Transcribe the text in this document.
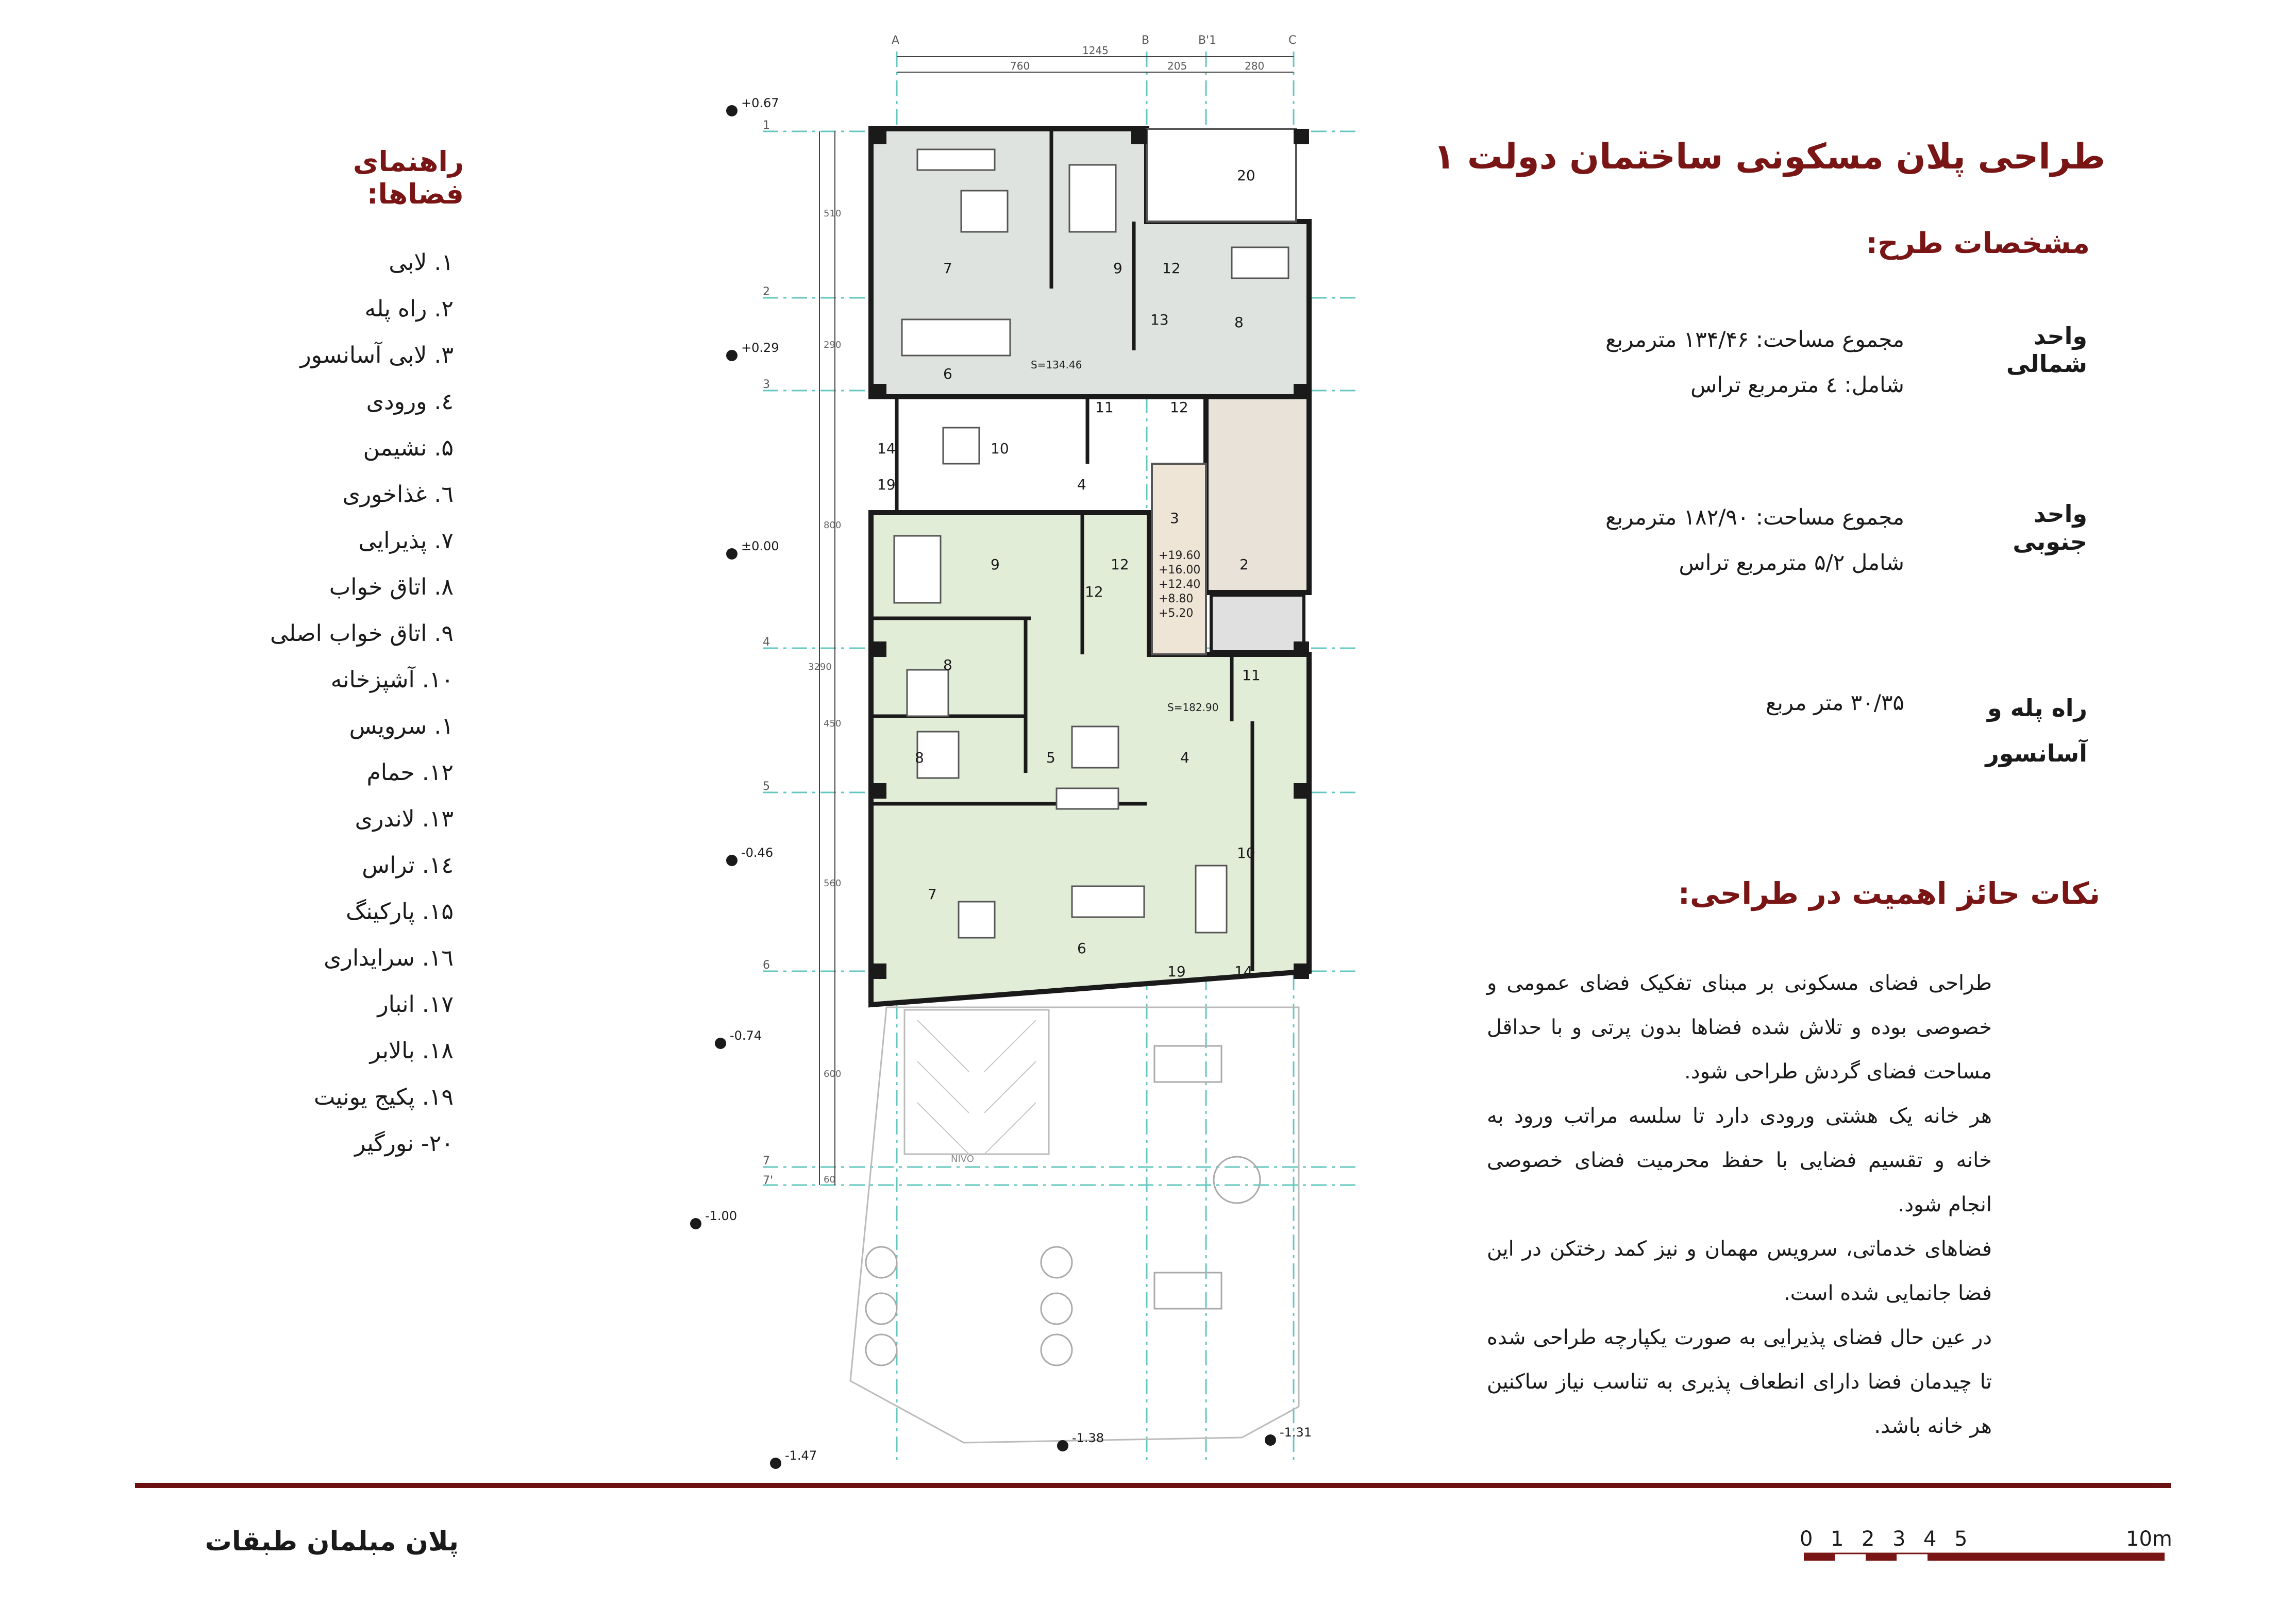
طراحی پلان مسکونی ساختمان دولت ۱
مشخصات طرح:
واحد شمالی
مجموع مساحت: ۱۳۴/۴۶ مترمربع
شامل: ٤ مترمربع تراس
واحد جنوبی
مجموع مساحت: ۱۸۲/۹۰ مترمربع
شامل ۵/۲ مترمربع تراس
راه پله و آسانسور
۳۰/۳۵ متر مربع
نکات حائز اهمیت در طراحی:

طراحی فضای مسکونی بر مبنای تفکیک فضای عمومی و خصوصی بوده و تلاش شده فضاها بدون پرتی و با حداقل مساحت فضای گردش طراحی شود.

هر خانه یک هشتی ورودی دارد تا سلسه مراتب ورود به خانه و تقسیم فضایی با حفظ محرمیت فضای خصوصی انجام شود.

فضاهای خدماتی، سرویس مهمان و نیز کمد رختکن در این فضا جانمایی شده است.

در عین حال فضای پذیرایی به صورت یکپارچه طراحی شده تا چیدمان فضا دارای انطعاف پذیری به تناسب نیاز ساکنین هر خانه باشد.

راهنمای فضاها:
۱. لابی
۲. راه پله
۳. لابی آسانسور
٤. ورودی
۵. نشیمن
٦. غذاخوری
۷. پذیرایی
۸. اتاق خواب
۹. اتاق خواب اصلی
۱۰. آشپزخانه
۱. سرویس
۱۲. حمام
۱۳. لاندری
۱٤. تراس
۱۵. پارکینگ
۱٦. سرایداری
۱۷. انبار
۱۸. بالابر
۱۹. پکیج یونیت
۲۰- نورگیر
A	B	B'1	C
1245
760	205	280
1
2
3
4
5
6
7
7'
510
290
800
3290
450
560
600
60
+0.67
+0.29
±0.00
-0.46
-0.74
-1.00
-1.47
-1.38	-1.31
S=134.46
S=182.90
+19.60
+16.00
+12.40
+8.80
+5.20
NIVO
20
7	9	12
8
13
6
11	12
14	10
4
19
3
2
9	12
12
8
11
8	5	4
10
7
6
19	14
پلان مبلمان طبقات	0 1 2 3 4 5	10m
